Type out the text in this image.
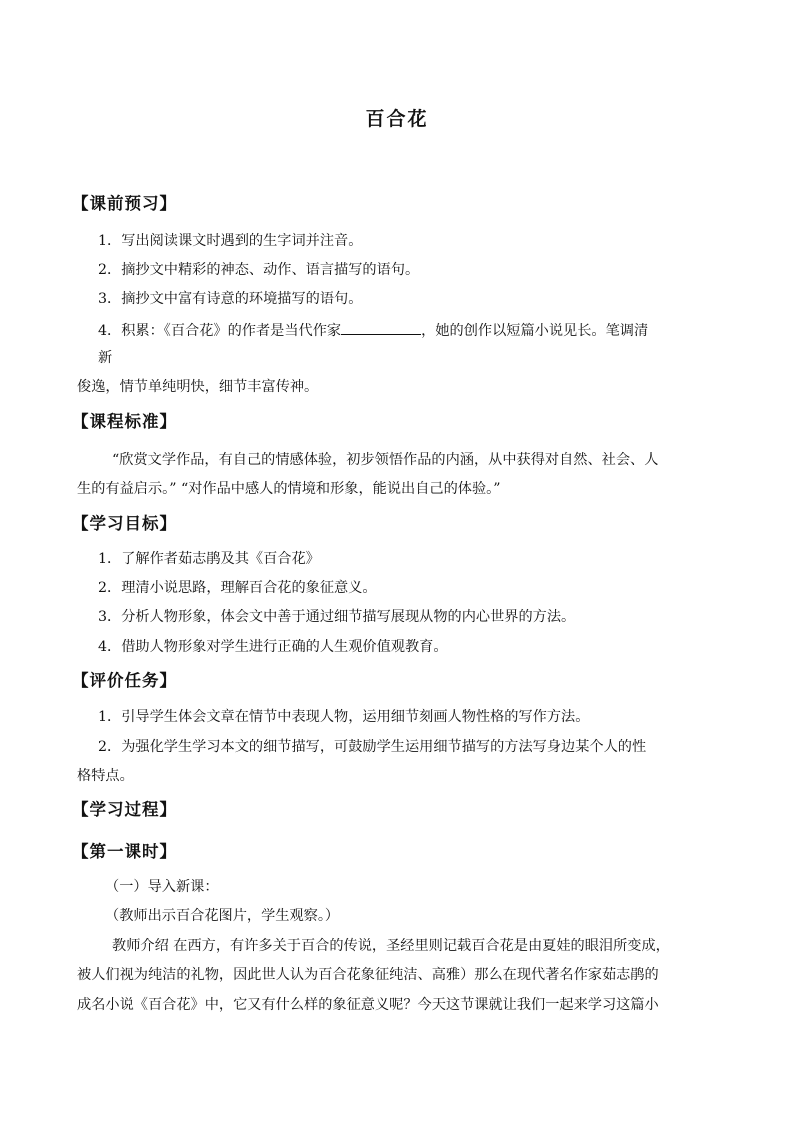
百合花
【课前预习】
1．写出阅读课文时遇到的生字词并注音。
2．摘抄文中精彩的神态、动作、语言描写的语句。
3．摘抄文中富有诗意的环境描写的语句。
4．积累：《百合花》的作者是当代作家	，她的创作以短篇小说见长。笔调清
新
俊逸，情节单纯明快，细节丰富传神。
【课程标准】
“欣赏文学作品，有自己的情感体验，初步领悟作品的内涵，从中获得对自然、社会、人
生的有益启示。” “对作品中感人的情境和形象，能说出自己的体验。”
【学习目标】
1．了解作者茹志鹃及其《百合花》
2．理清小说思路，理解百合花的象征意义。
3．分析人物形象，体会文中善于通过细节描写展现从物的内心世界的方法。
4．借助人物形象对学生进行正确的人生观价值观教育。
【评价任务】
1．引导学生体会文章在情节中表现人物，运用细节刻画人物性格的写作方法。
2．为强化学生学习本文的细节描写，可鼓励学生运用细节描写的方法写身边某个人的性
格特点。
【学习过程】
【第一课时】
（一）导入新课：
（教师出示百合花图片，学生观察。）
教师介绍 在西方，有许多关于百合的传说，圣经里则记载百合花是由夏娃的眼泪所变成，
被人们视为纯洁的礼物，因此世人认为百合花象征纯洁、高雅）那么在现代著名作家茹志鹃的
成名小说《百合花》中，它又有什么样的象征意义呢？今天这节课就让我们一起来学习这篇小
